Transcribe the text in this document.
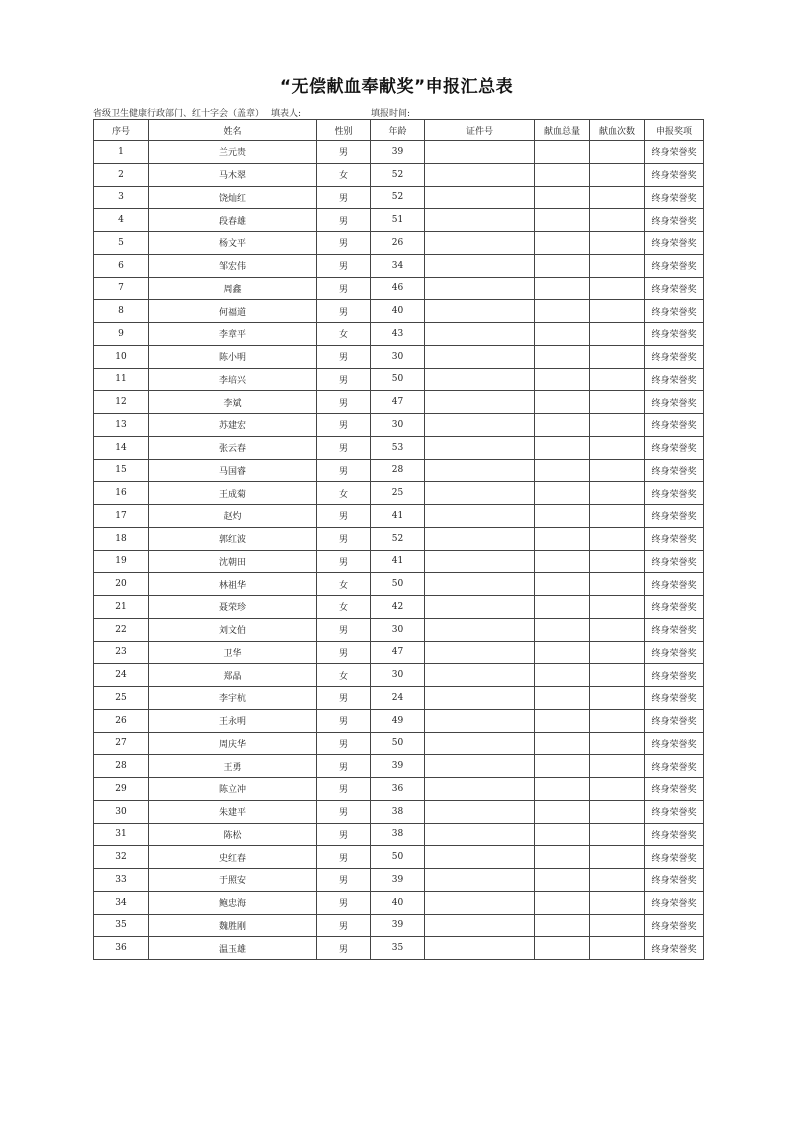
“无偿献血奉献奖”申报汇总表
省级卫生健康行政部门、红十字会（盖章） 填表人:	填报时间:
序号	姓名	性别	年龄	证件号	献血总量	献血次数	申报奖项
1	兰元贵	男	39				终身荣誉奖
2	马木翠	女	52				终身荣誉奖
3	饶灿红	男	52				终身荣誉奖
4	段春雄	男	51				终身荣誉奖
5	杨文平	男	26				终身荣誉奖
6	邹宏伟	男	34				终身荣誉奖
7	周鑫	男	46				终身荣誉奖
8	何福道	男	40				终身荣誉奖
9	李章平	女	43				终身荣誉奖
10	陈小明	男	30				终身荣誉奖
11	李培兴	男	50				终身荣誉奖
12	李斌	男	47				终身荣誉奖
13	苏建宏	男	30				终身荣誉奖
14	张云春	男	53				终身荣誉奖
15	马国睿	男	28				终身荣誉奖
16	王成菊	女	25				终身荣誉奖
17	赵灼	男	41				终身荣誉奖
18	郭红波	男	52				终身荣誉奖
19	沈朝田	男	41				终身荣誉奖
20	林祖华	女	50				终身荣誉奖
21	聂荣珍	女	42				终身荣誉奖
22	刘文伯	男	30				终身荣誉奖
23	卫华	男	47				终身荣誉奖
24	郑晶	女	30				终身荣誉奖
25	李宇杭	男	24				终身荣誉奖
26	王永明	男	49				终身荣誉奖
27	周庆华	男	50				终身荣誉奖
28	王勇	男	39				终身荣誉奖
29	陈立冲	男	36				终身荣誉奖
30	朱建平	男	38				终身荣誉奖
31	陈松	男	38				终身荣誉奖
32	史红春	男	50				终身荣誉奖
33	于照安	男	39				终身荣誉奖
34	鲍忠海	男	40				终身荣誉奖
35	魏胜刚	男	39				终身荣誉奖
36	温玉雄	男	35				终身荣誉奖
